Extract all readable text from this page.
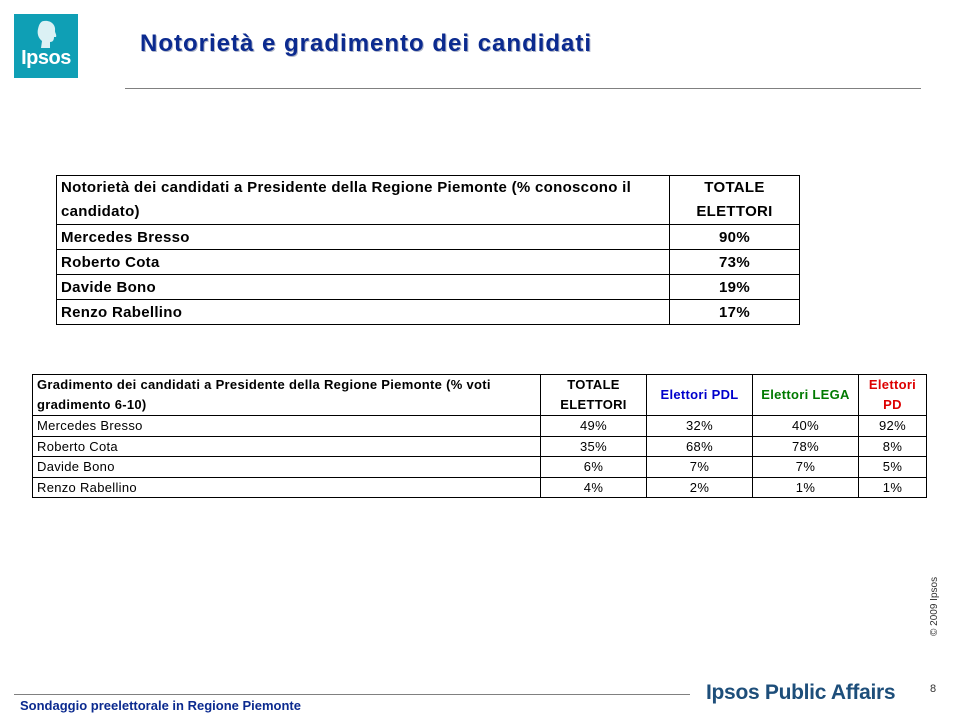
Ipsos
Notorietà e gradimento dei candidati
Notorietà dei candidati a Presidente della Regione Piemonte (% conoscono il candidato)	TOTALE ELETTORI
Mercedes Bresso	90%
Roberto Cota	73%
Davide Bono	19%
Renzo Rabellino	17%
Gradimento dei candidati a Presidente della Regione Piemonte (% voti gradimento 6-10)	TOTALE ELETTORI	Elettori PDL	Elettori LEGA	Elettori PD
Mercedes Bresso	49%	32%	40%	92%
Roberto Cota	35%	68%	78%	8%
Davide Bono	6%	7%	7%	5%
Renzo Rabellino	4%	2%	1%	1%
© 2009 Ipsos
Sondaggio preelettorale in Regione Piemonte
Ipsos Public Affairs	8
